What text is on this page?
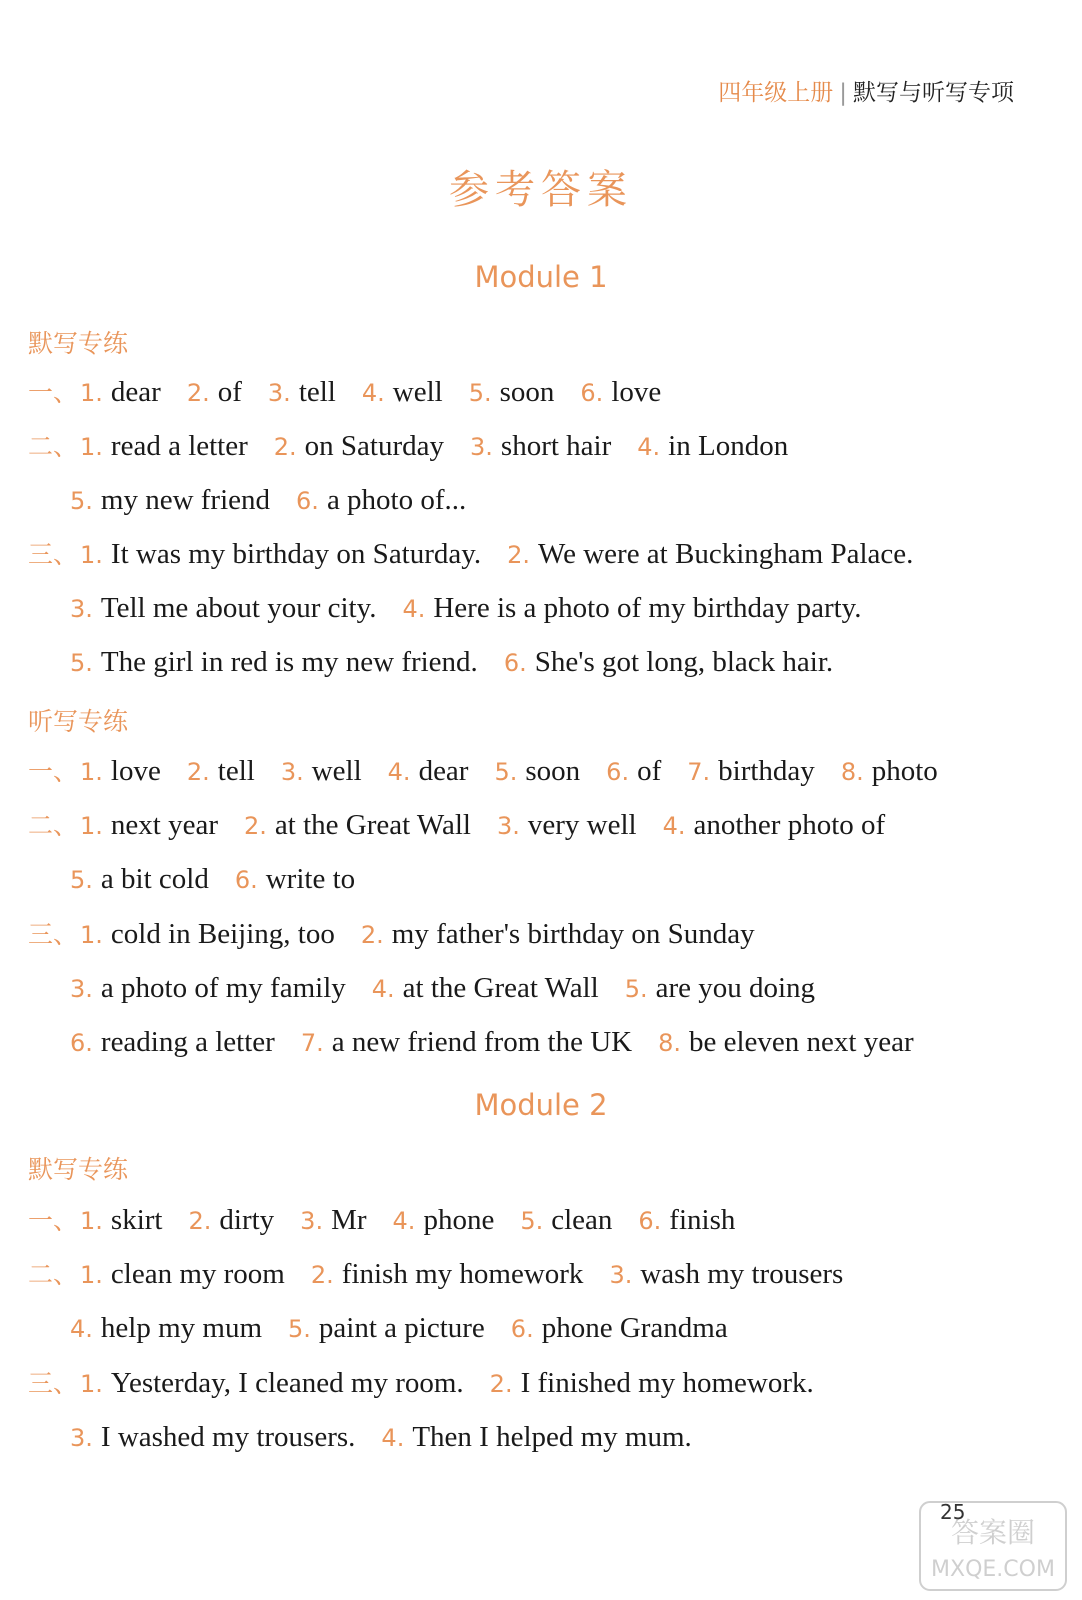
四年级上册 | 默写与听写专项
参考答案
Module 1
默写专练
一、1. dear 2. of 3. tell 4. well 5. soon 6. love
二、1. read a letter 2. on Saturday 3. short hair 4. in London
5. my new friend 6. a photo of...
三、1. It was my birthday on Saturday. 2. We were at Buckingham Palace.
3. Tell me about your city. 4. Here is a photo of my birthday party.
5. The girl in red is my new friend. 6. She's got long, black hair.
听写专练
一、1. love 2. tell 3. well 4. dear 5. soon 6. of 7. birthday 8. photo
二、1. next year 2. at the Great Wall 3. very well 4. another photo of
5. a bit cold 6. write to
三、1. cold in Beijing, too 2. my father's birthday on Sunday
3. a photo of my family 4. at the Great Wall 5. are you doing
6. reading a letter 7. a new friend from the UK 8. be eleven next year
Module 2
默写专练
一、1. skirt 2. dirty 3. Mr 4. phone 5. clean 6. finish
二、1. clean my room 2. finish my homework 3. wash my trousers
4. help my mum 5. paint a picture 6. phone Grandma
三、1. Yesterday, I cleaned my room. 2. I finished my homework.
3. I washed my trousers. 4. Then I helped my mum.
25
答案圈
MXQE.COM
